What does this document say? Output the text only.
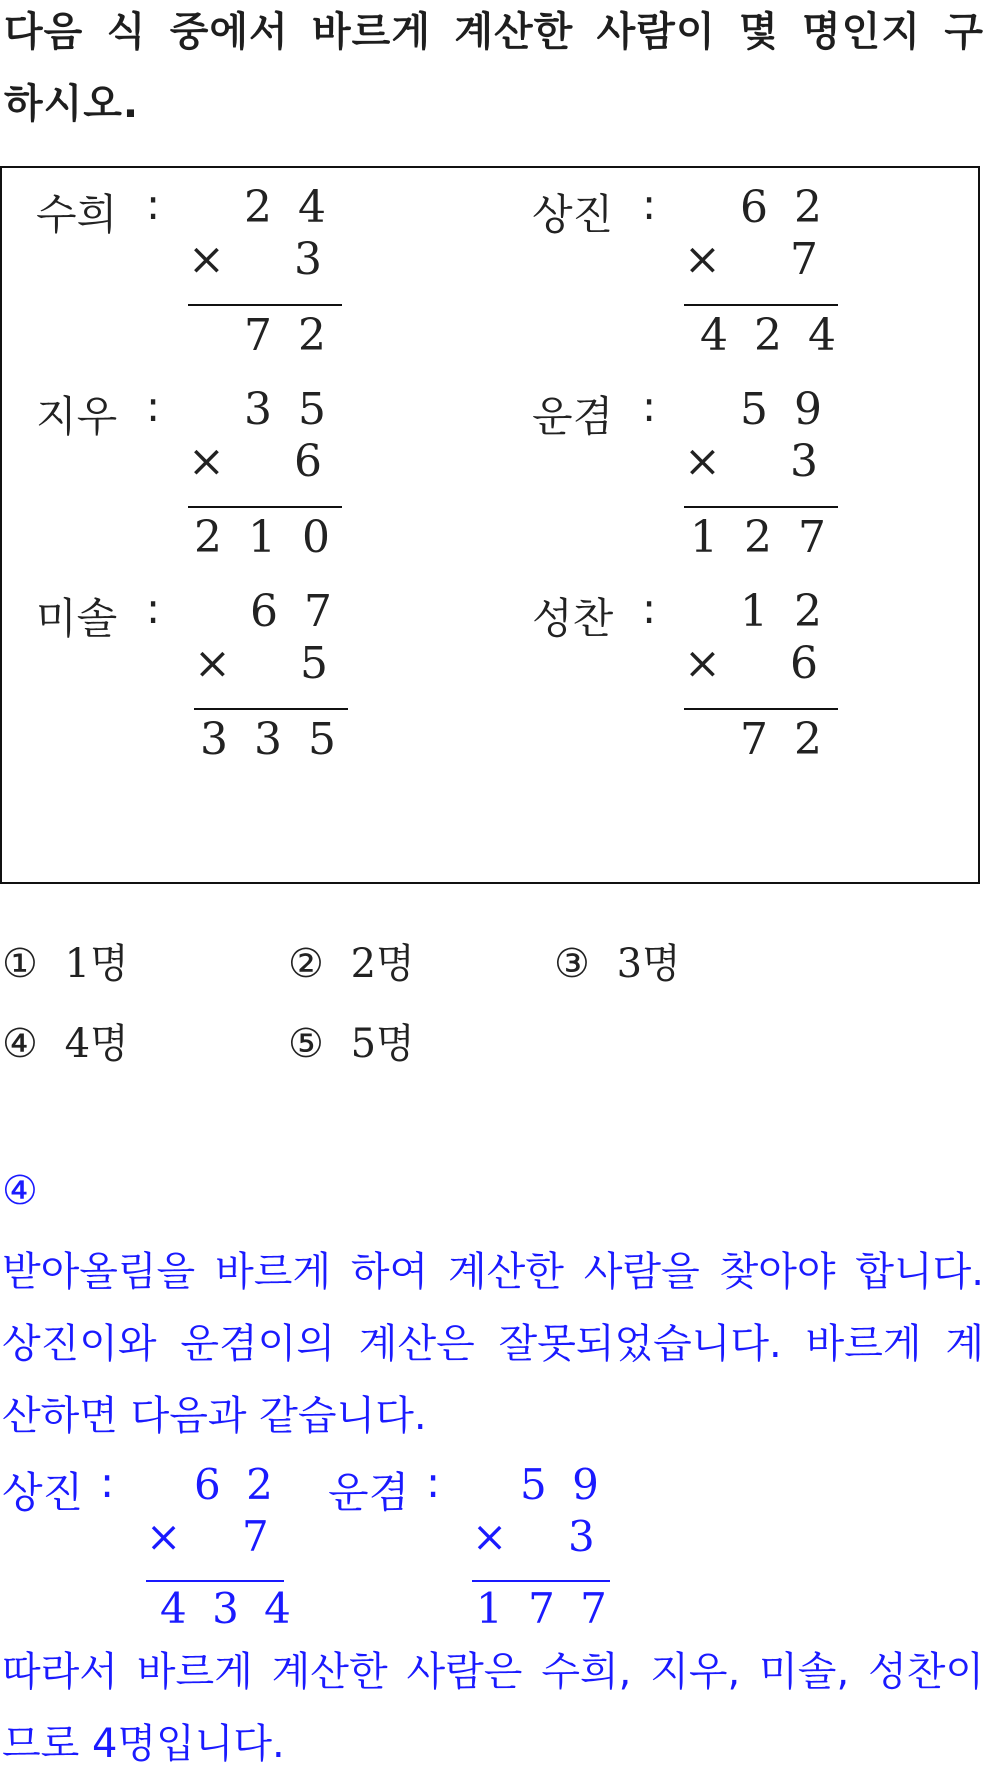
다음 식 중에서 바르게 계산한 사람이 몇 명인지 구
하시오.
수희 : 2 4
× 3
7 2
상진 : 6 2
× 7
4 2 4
지우 : 3 5
× 6
2 1 0
운겸 : 5 9
× 3
1 2 7
미솔 : 6 7
× 5
3 3 5
성찬 : 1 2
× 6
7 2
① 1명	② 2명	③ 3명
④ 4명	⑤ 5명
④
받아올림을 바르게 하여 계산한 사람을 찾아야 합니다.
상진이와 운겸이의 계산은 잘못되었습니다. 바르게 계
산하면 다음과 같습니다.
상진 : 6 2
× 7
4 3 4
운겸 : 5 9
× 3
1 7 7
따라서 바르게 계산한 사람은 수희, 지우, 미솔, 성찬이
므로 4명입니다.
